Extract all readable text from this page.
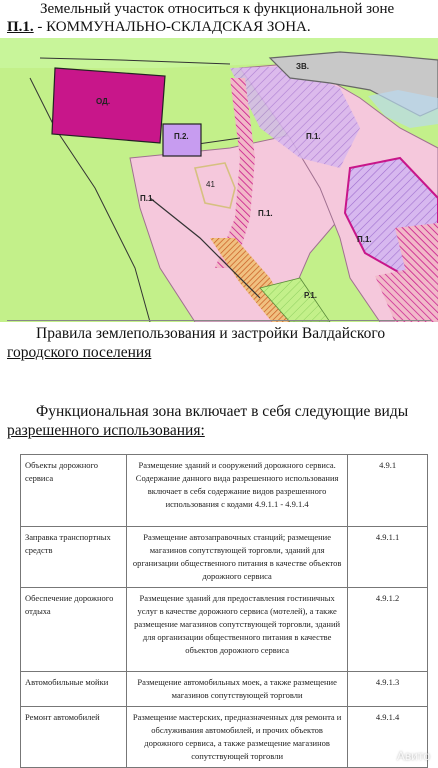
Земельный участок относиться к функциональной зоне
П.1. - КОММУНАЛЬНО-СКЛАДСКАЯ ЗОНА.
ОД.
П.2.
ЗВ.
П.1.
П.1.
П.1.
П.1.
Р.1.
41
Правила землепользования и застройки Валдайского
городского поселения
Функциональная зона включает в себя следующие виды
разрешенного использования:
Объекты дорожного сервиса	Размещение зданий и сооружений дорожного сервиса. Содержание данного вида разрешенного использования включает в себя содержание видов разрешенного использования с кодами 4.9.1.1 - 4.9.1.4	4.9.1
Заправка транспортных средств	Размещение автозаправочных станций; размещение магазинов сопутствующей торговли, зданий для организации общественного питания в качестве объектов дорожного сервиса	4.9.1.1
Обеспечение дорожного отдыха	Размещение зданий для предоставления гостиничных услуг в качестве дорожного сервиса (мотелей), а также размещение магазинов сопутствующей торговли, зданий для организации общественного питания в качестве объектов дорожного сервиса	4.9.1.2
Автомобильные мойки	Размещение автомобильных моек, а также размещение магазинов сопутствующей торговли	4.9.1.3
Ремонт автомобилей	Размещение мастерских, предназначенных для ремонта и обслуживания автомобилей, и прочих объектов дорожного сервиса, а также размещение магазинов сопутствующей торговли	4.9.1.4
Авито
